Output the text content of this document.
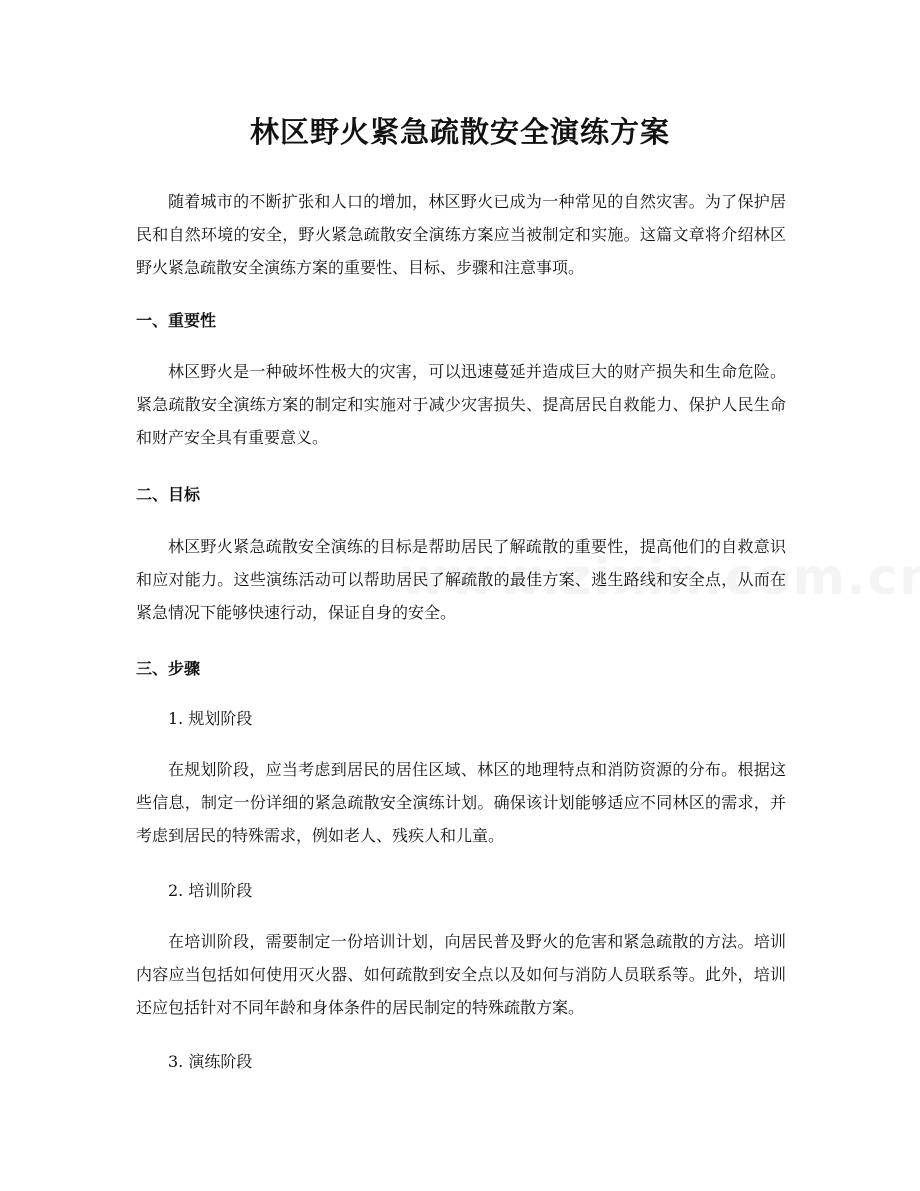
林区野火紧急疏散安全演练方案

随着城市的不断扩张和人口的增加，林区野火已成为一种常见的自然灾害。为了保护居民和自然环境的安全，野火紧急疏散安全演练方案应当被制定和实施。这篇文章将介绍林区野火紧急疏散安全演练方案的重要性、目标、步骤和注意事项。

一、重要性

林区野火是一种破坏性极大的灾害，可以迅速蔓延并造成巨大的财产损失和生命危险。紧急疏散安全演练方案的制定和实施对于减少灾害损失、提高居民自救能力、保护人民生命和财产安全具有重要意义。

二、目标

林区野火紧急疏散安全演练的目标是帮助居民了解疏散的重要性，提高他们的自救意识和应对能力。这些演练活动可以帮助居民了解疏散的最佳方案、逃生路线和安全点，从而在紧急情况下能够快速行动，保证自身的安全。

三、步骤
1. 规划阶段

在规划阶段，应当考虑到居民的居住区域、林区的地理特点和消防资源的分布。根据这些信息，制定一份详细的紧急疏散安全演练计划。确保该计划能够适应不同林区的需求，并考虑到居民的特殊需求，例如老人、残疾人和儿童。

2. 培训阶段

在培训阶段，需要制定一份培训计划，向居民普及野火的危害和紧急疏散的方法。培训内容应当包括如何使用灭火器、如何疏散到安全点以及如何与消防人员联系等。此外，培训还应包括针对不同年龄和身体条件的居民制定的特殊疏散方案。

3. 演练阶段
